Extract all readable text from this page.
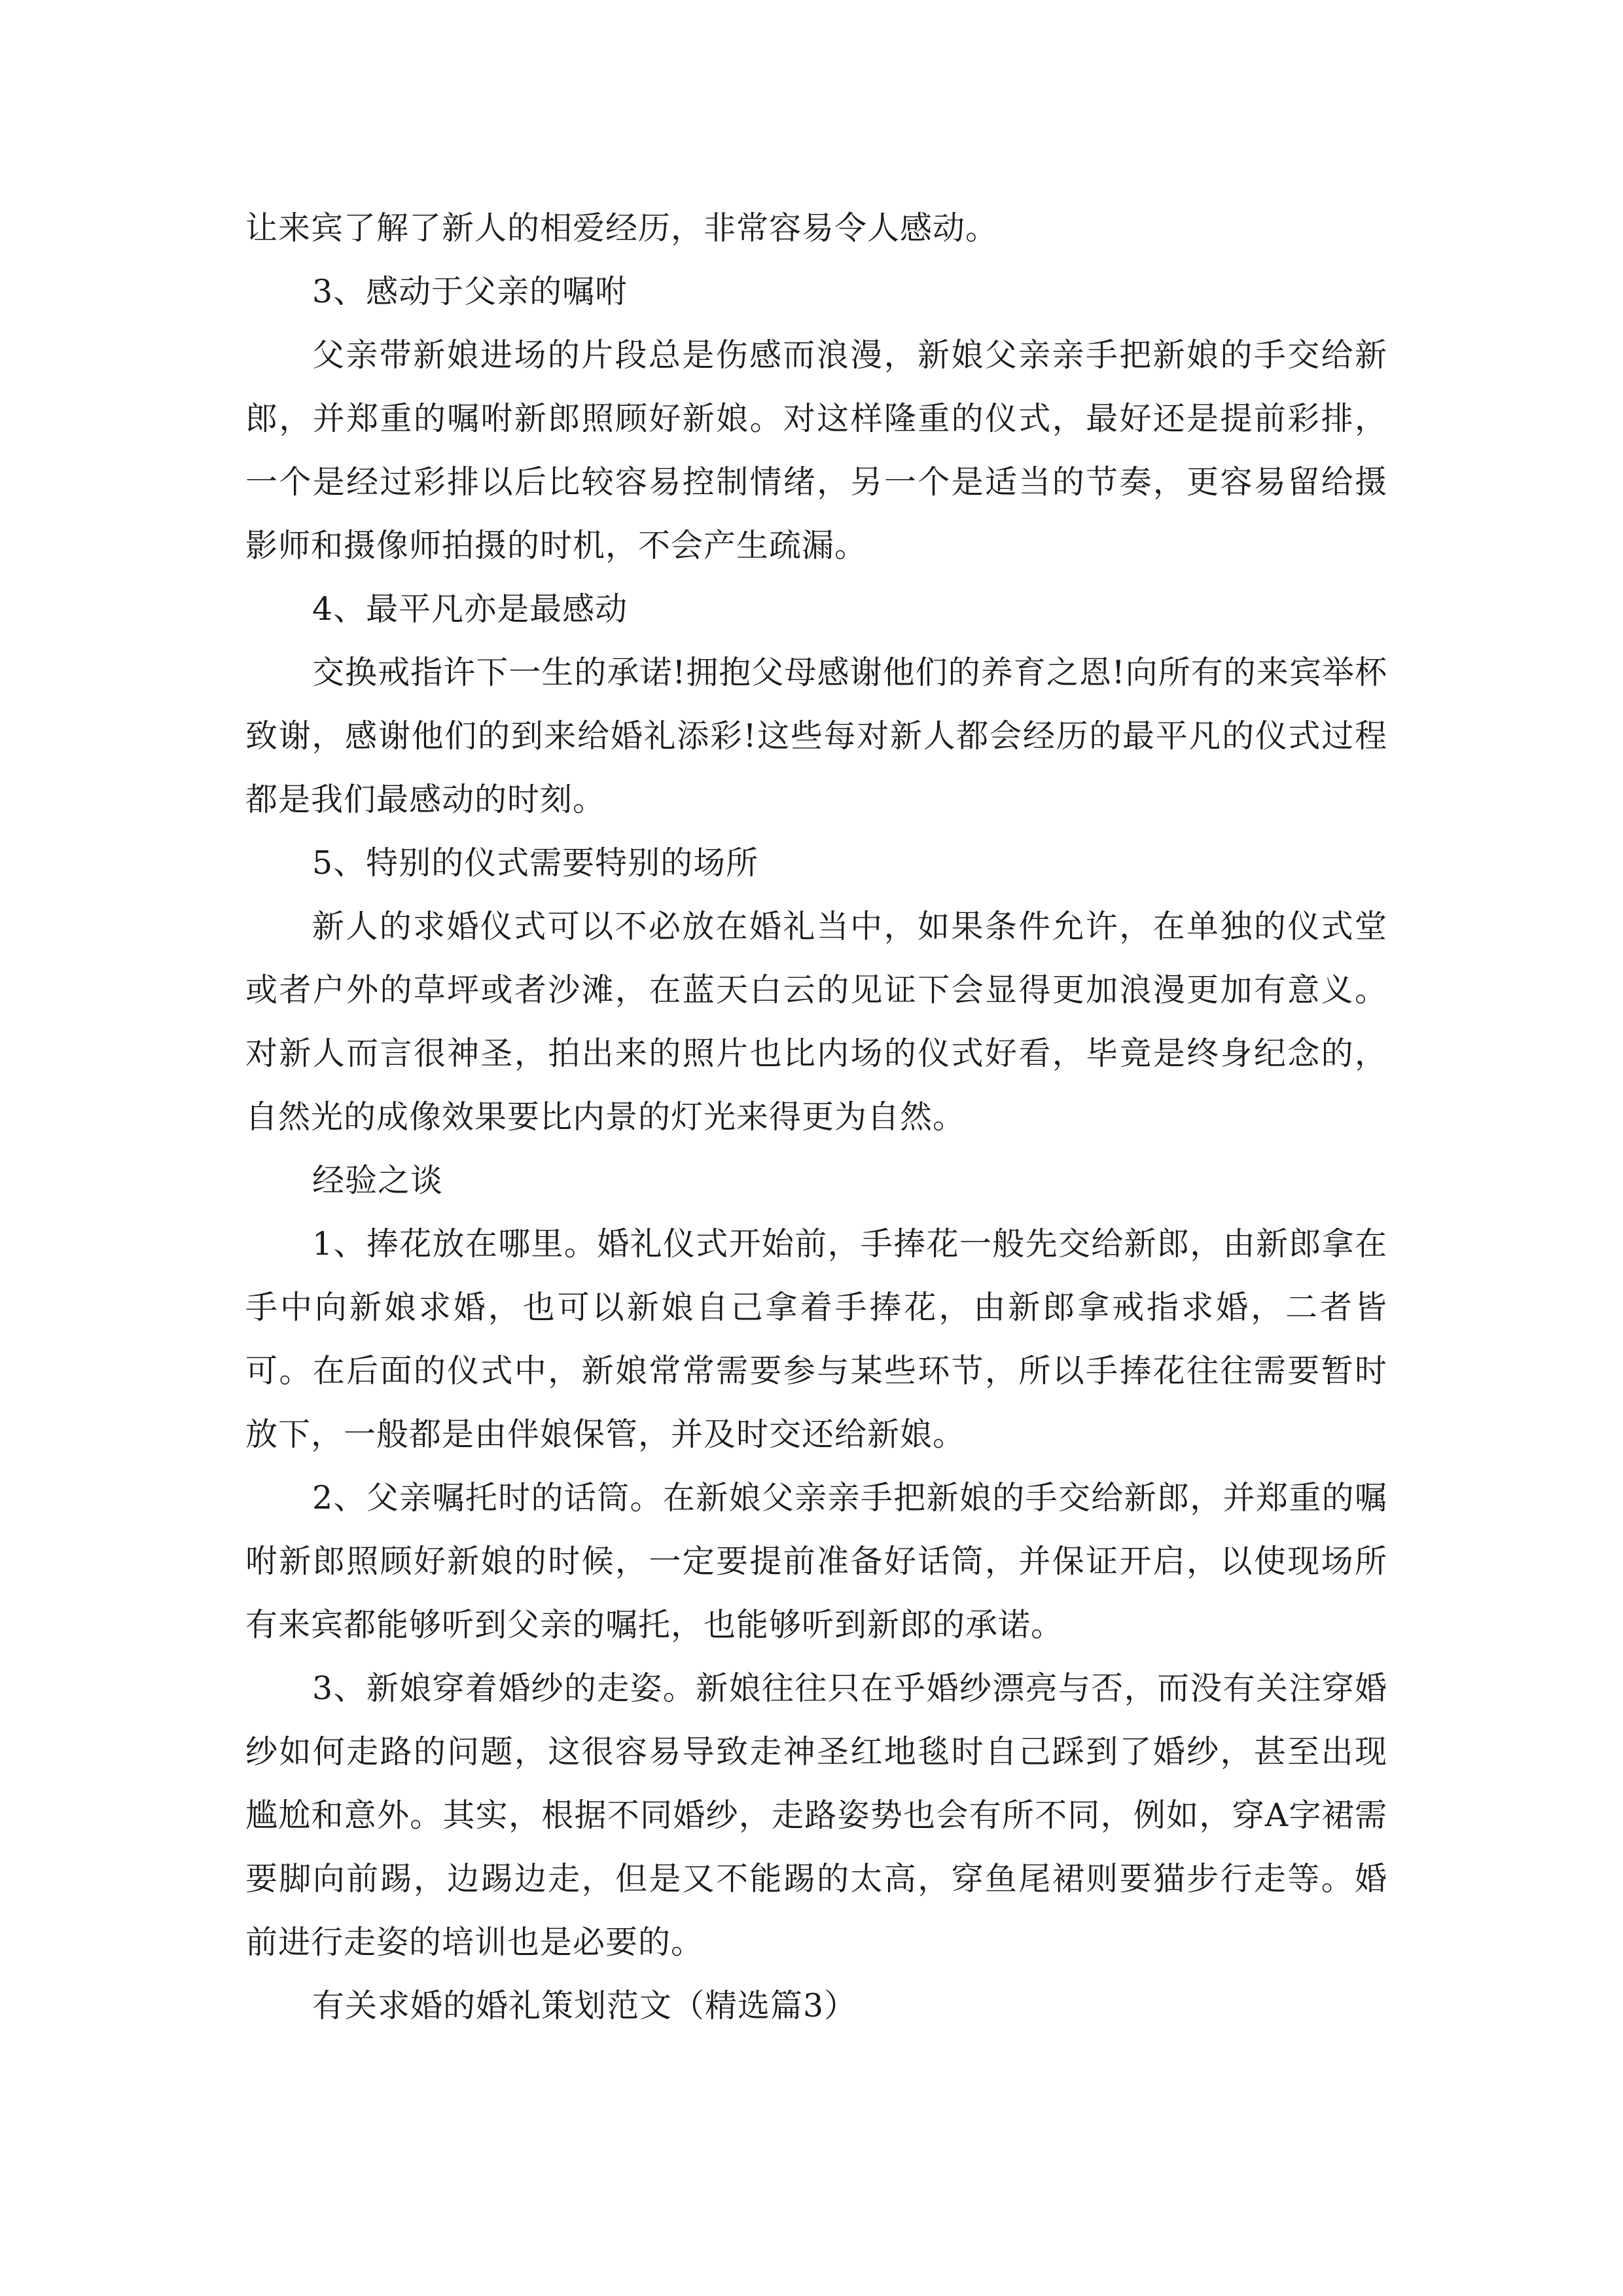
让来宾了解了新人的相爱经历，非常容易令人感动。

3、感动于父亲的嘱咐

父亲带新娘进场的片段总是伤感而浪漫，新娘父亲亲手把新娘的手交给新郎，并郑重的嘱咐新郎照顾好新娘。对这样隆重的仪式，最好还是提前彩排，一个是经过彩排以后比较容易控制情绪，另一个是适当的节奏，更容易留给摄影师和摄像师拍摄的时机，不会产生疏漏。

4、最平凡亦是最感动

交换戒指许下一生的承诺!拥抱父母感谢他们的养育之恩!向所有的来宾举杯致谢，感谢他们的到来给婚礼添彩!这些每对新人都会经历的最平凡的仪式过程都是我们最感动的时刻。

5、特别的仪式需要特别的场所

新人的求婚仪式可以不必放在婚礼当中，如果条件允许，在单独的仪式堂或者户外的草坪或者沙滩，在蓝天白云的见证下会显得更加浪漫更加有意义。对新人而言很神圣，拍出来的照片也比内场的仪式好看，毕竟是终身纪念的，自然光的成像效果要比内景的灯光来得更为自然。

经验之谈

1、捧花放在哪里。婚礼仪式开始前，手捧花一般先交给新郎，由新郎拿在手中向新娘求婚，也可以新娘自己拿着手捧花，由新郎拿戒指求婚，二者皆可。在后面的仪式中，新娘常常需要参与某些环节，所以手捧花往往需要暂时放下，一般都是由伴娘保管，并及时交还给新娘。

2、父亲嘱托时的话筒。在新娘父亲亲手把新娘的手交给新郎，并郑重的嘱咐新郎照顾好新娘的时候，一定要提前准备好话筒，并保证开启，以使现场所有来宾都能够听到父亲的嘱托，也能够听到新郎的承诺。

3、新娘穿着婚纱的走姿。新娘往往只在乎婚纱漂亮与否，而没有关注穿婚纱如何走路的问题，这很容易导致走神圣红地毯时自己踩到了婚纱，甚至出现尴尬和意外。其实，根据不同婚纱，走路姿势也会有所不同，例如，穿A字裙需要脚向前踢，边踢边走，但是又不能踢的太高，穿鱼尾裙则要猫步行走等。婚前进行走姿的培训也是必要的。

有关求婚的婚礼策划范文（精选篇3）
